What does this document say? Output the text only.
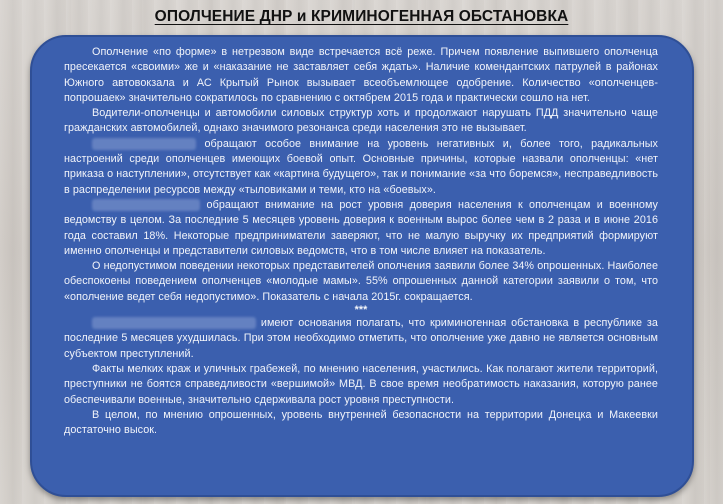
ОПОЛЧЕНИЕ ДНР и КРИМИНОГЕННАЯ ОБСТАНОВКА

Ополчение «по форме» в нетрезвом виде встречается всё реже. Причем появление выпившего ополченца пресекается «своими» же и «наказание не заставляет себя ждать». Наличие комендантских патрулей в районах Южного автовокзала и АС Крытый Рынок вызывает всеобъемлющее одобрение. Количество «ополченцев-попрошаек» значительно сократилось по сравнению с октябрем 2015 года и практически сошло на нет.

Водители-ополченцы и автомобили силовых структур хоть и продолжают нарушать ПДД значительно чаще гражданских автомобилей, однако значимого резонанса среди населения это не вызывает.

обращают особое внимание на уровень негативных и, более того, радикальных настроений среди ополченцев имеющих боевой опыт. Основные причины, которые назвали ополченцы: «нет приказа о наступлении», отсутствует как «картина будущего», так и понимание «за что боремся», несправедливость в распределении ресурсов между «тыловиками и теми, кто на «боевых».

обращают внимание на рост уровня доверия населения к ополченцам и военному ведомству в целом. За последние 5 месяцев уровень доверия к военным вырос более чем в 2 раза и в июне 2016 года составил 18%. Некоторые предприниматели заверяют, что не малую выручку их предприятий формируют именно ополченцы и представители силовых ведомств, что в том числе влияет на показатель.

О недопустимом поведении некоторых представителей ополчения заявили более 34% опрошенных. Наиболее обеспокоены поведением ополченцев «молодые мамы». 55% опрошенных данной категории заявили о том, что «ополчение ведет себя недопустимо». Показатель с начала 2015г. сокращается.

***

имеют основания полагать, что криминогенная обстановка в республике за последние 5 месяцев ухудшилась. При этом необходимо отметить, что ополчение уже давно не является основным субъектом преступлений.

Факты мелких краж и уличных грабежей, по мнению населения, участились. Как полагают жители территорий, преступники не боятся справедливости «вершимой» МВД. В свое время необратимость наказания, которую ранее обеспечивали военные, значительно сдерживала рост уровня преступности.

В целом, по мнению опрошенных, уровень внутренней безопасности на территории Донецка и Макеевки достаточно высок.
